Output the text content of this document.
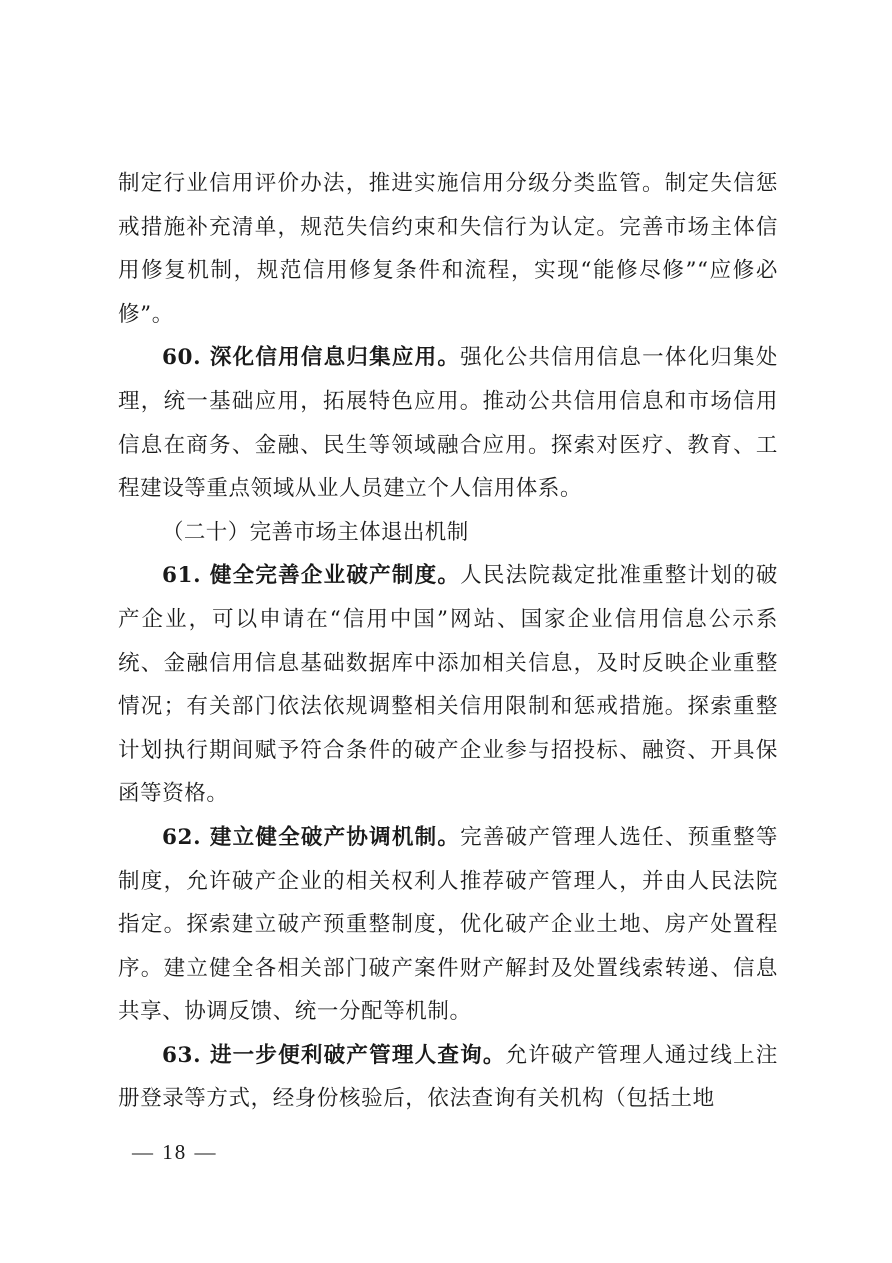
制定行业信用评价办法，推进实施信用分级分类监管。制定失信惩戒措施补充清单，规范失信约束和失信行为认定。完善市场主体信用修复机制，规范信用修复条件和流程，实现“能修尽修”“应修必修”。

60. 深化信用信息归集应用。强化公共信用信息一体化归集处理，统一基础应用，拓展特色应用。推动公共信用信息和市场信用信息在商务、金融、民生等领域融合应用。探索对医疗、教育、工程建设等重点领域从业人员建立个人信用体系。

（二十）完善市场主体退出机制

61. 健全完善企业破产制度。人民法院裁定批准重整计划的破产企业，可以申请在“信用中国”网站、国家企业信用信息公示系统、金融信用信息基础数据库中添加相关信息，及时反映企业重整情况；有关部门依法依规调整相关信用限制和惩戒措施。探索重整计划执行期间赋予符合条件的破产企业参与招投标、融资、开具保函等资格。

62. 建立健全破产协调机制。完善破产管理人选任、预重整等制度，允许破产企业的相关权利人推荐破产管理人，并由人民法院指定。探索建立破产预重整制度，优化破产企业土地、房产处置程序。建立健全各相关部门破产案件财产解封及处置线索转递、信息共享、协调反馈、统一分配等机制。

63. 进一步便利破产管理人查询。允许破产管理人通过线上注册登录等方式，经身份核验后，依法查询有关机构（包括土地

— 18 —
